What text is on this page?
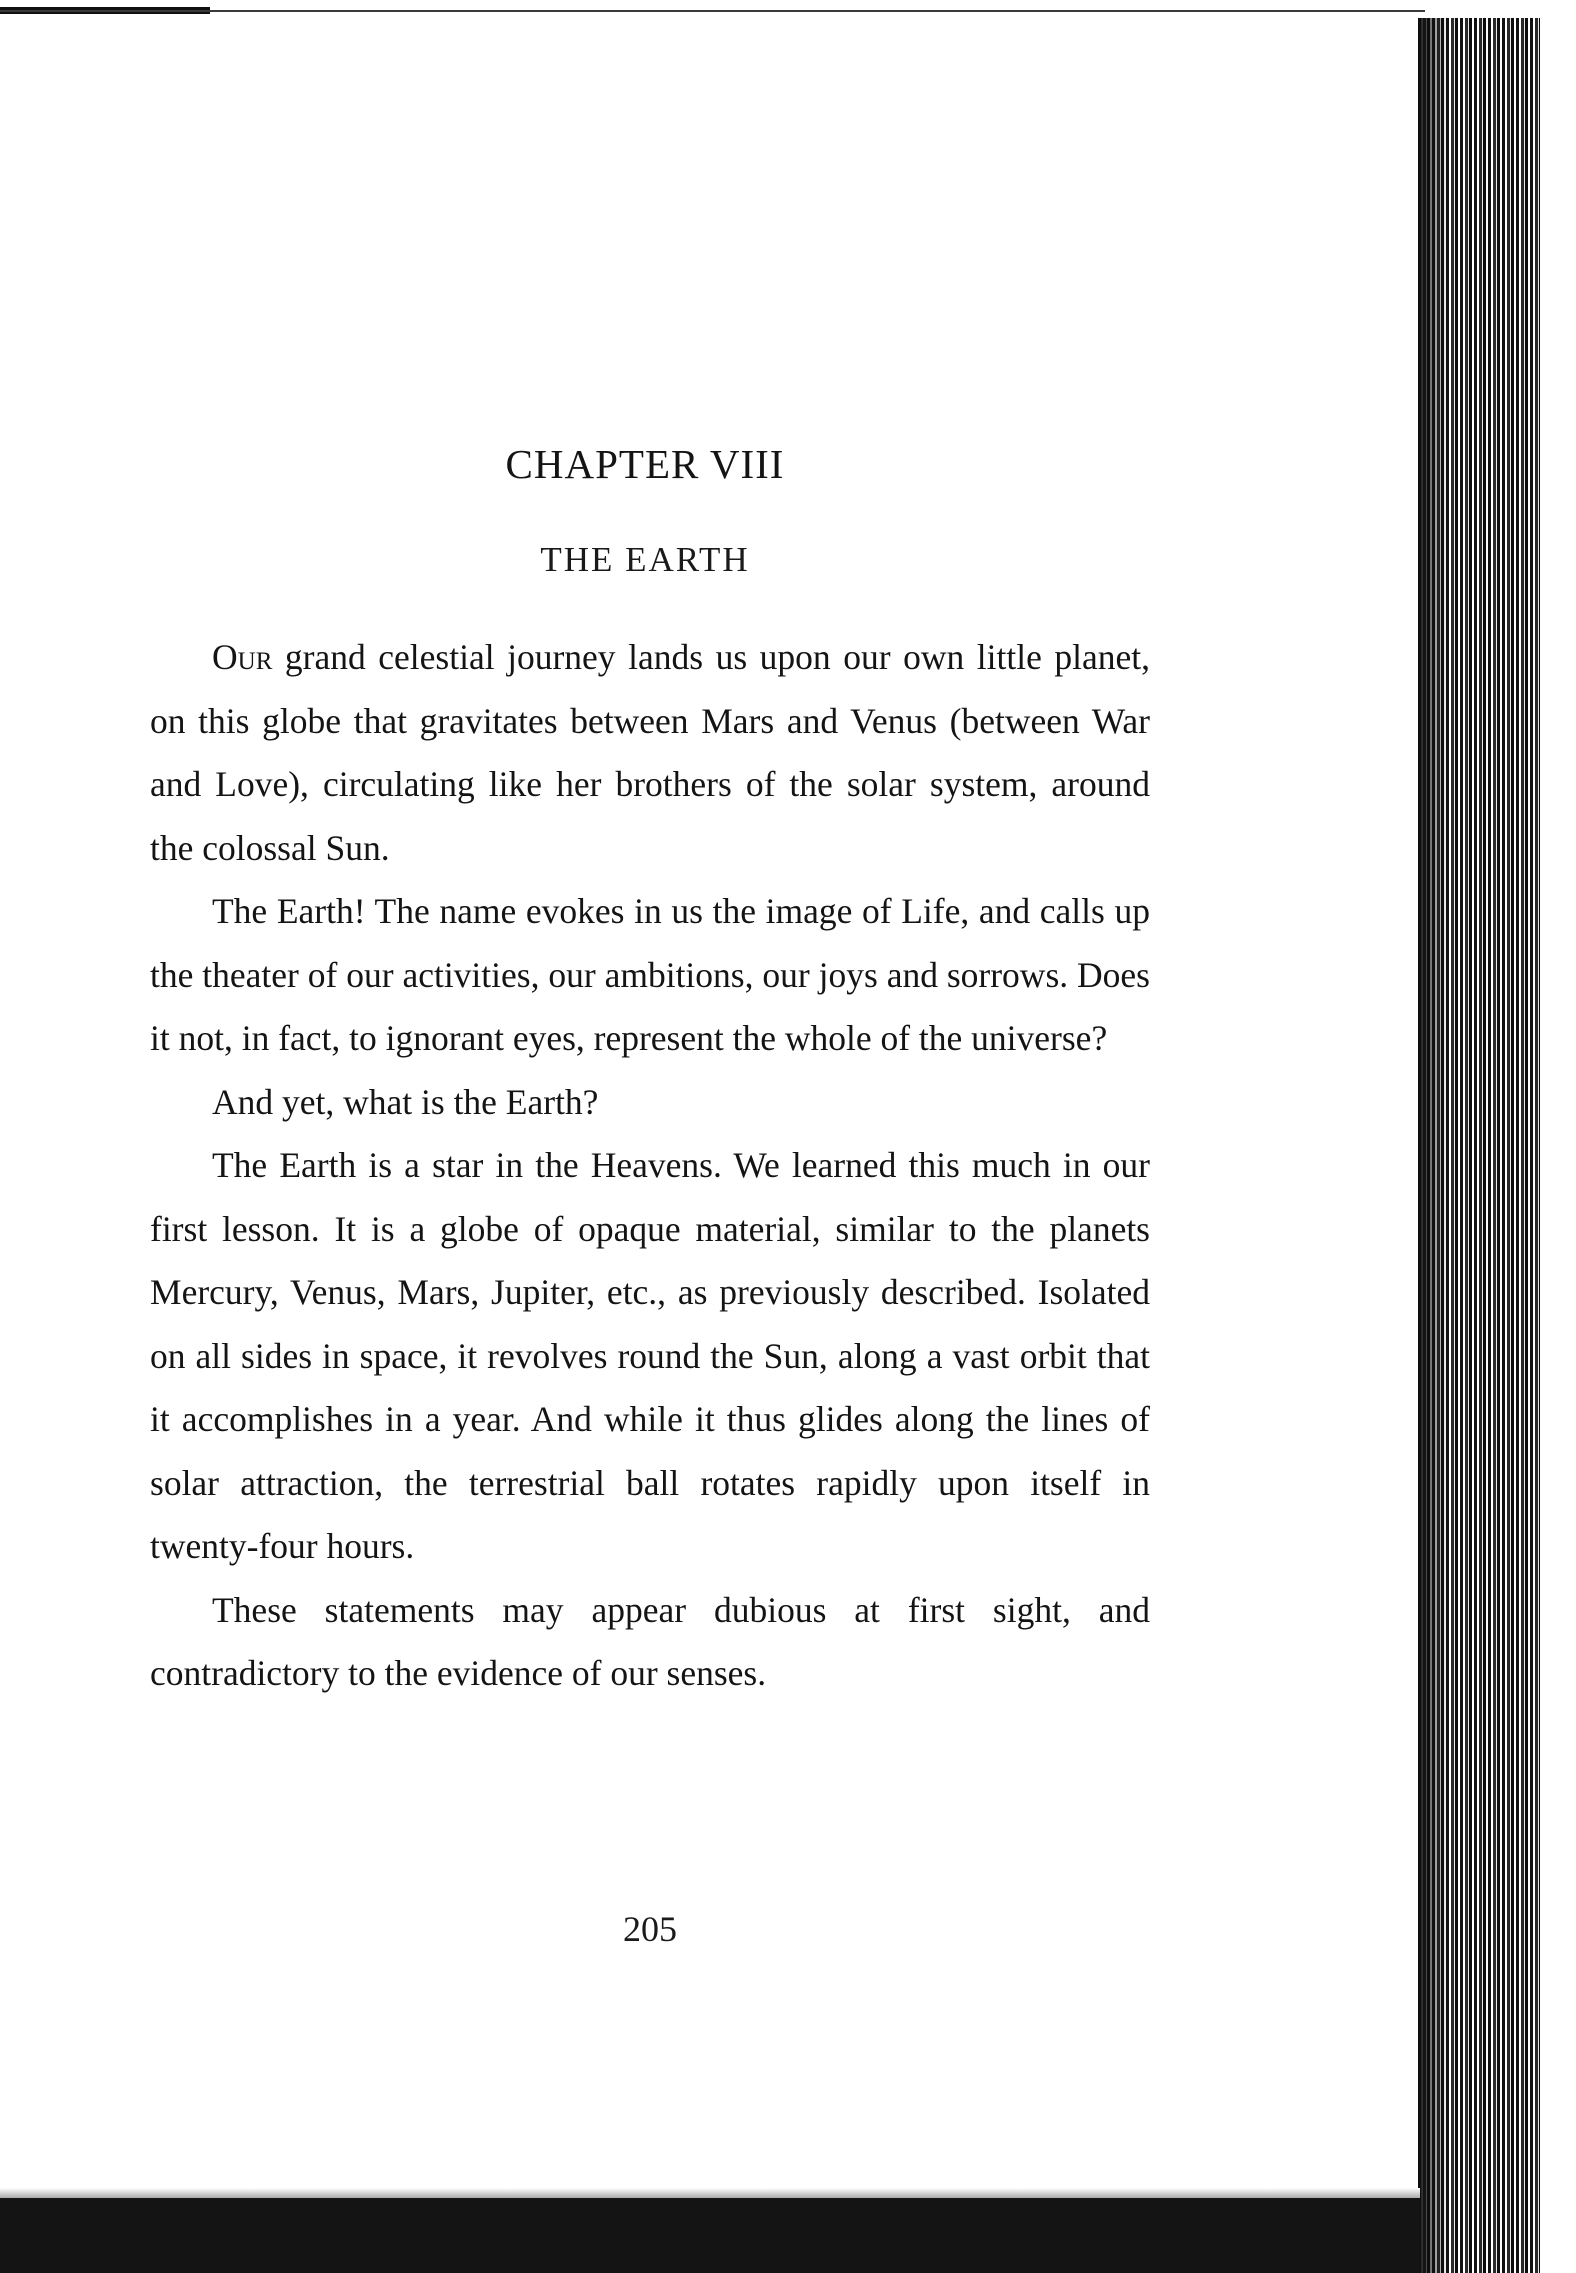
CHAPTER VIII
THE EARTH

Our grand celestial journey lands us upon our own little planet, on this globe that gravitates between Mars and Venus (between War and Love), circulating like her brothers of the solar system, around the colossal Sun.

The Earth! The name evokes in us the image of Life, and calls up the theater of our activities, our ambitions, our joys and sorrows. Does it not, in fact, to ignorant eyes, represent the whole of the universe?

And yet, what is the Earth?

The Earth is a star in the Heavens. We learned this much in our first lesson. It is a globe of opaque material, similar to the planets Mercury, Venus, Mars, Jupiter, etc., as previously described. Isolated on all sides in space, it revolves round the Sun, along a vast orbit that it accomplishes in a year. And while it thus glides along the lines of solar attraction, the terrestrial ball rotates rapidly upon itself in twenty-four hours.

These statements may appear dubious at first sight, and contradictory to the evidence of our senses.

205
